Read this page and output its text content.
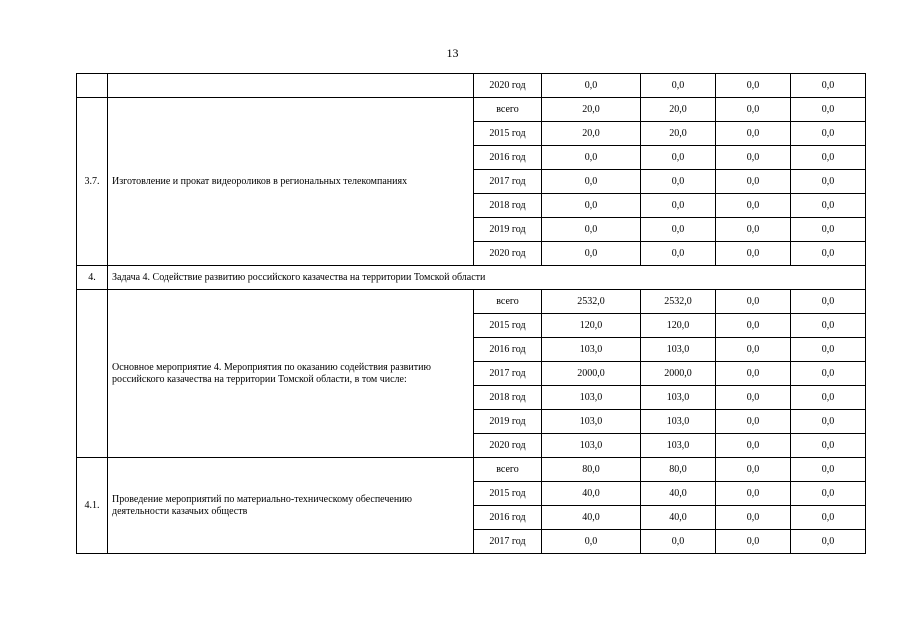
13
		2020 год	0,0	0,0	0,0	0,0
3.7.	Изготовление и прокат видеороликов в региональных телекомпаниях	всего	20,0	20,0	0,0	0,0
		2015 год	20,0	20,0	0,0	0,0
		2016 год	0,0	0,0	0,0	0,0
		2017 год	0,0	0,0	0,0	0,0
		2018 год	0,0	0,0	0,0	0,0
		2019 год	0,0	0,0	0,0	0,0
		2020 год	0,0	0,0	0,0	0,0
4.	Задача 4. Содействие развитию российского казачества на территории Томской области					
	Основное мероприятие 4. Мероприятия по оказанию содействия развитию российского казачества на территории Томской области, в том числе:	всего	2532,0	2532,0	0,0	0,0
		2015 год	120,0	120,0	0,0	0,0
		2016 год	103,0	103,0	0,0	0,0
		2017 год	2000,0	2000,0	0,0	0,0
		2018 год	103,0	103,0	0,0	0,0
		2019 год	103,0	103,0	0,0	0,0
		2020 год	103,0	103,0	0,0	0,0
4.1.	Проведение мероприятий по материально-техническому обеспечению деятельности казачьих обществ	всего	80,0	80,0	0,0	0,0
		2015 год	40,0	40,0	0,0	0,0
		2016 год	40,0	40,0	0,0	0,0
		2017 год	0,0	0,0	0,0	0,0
